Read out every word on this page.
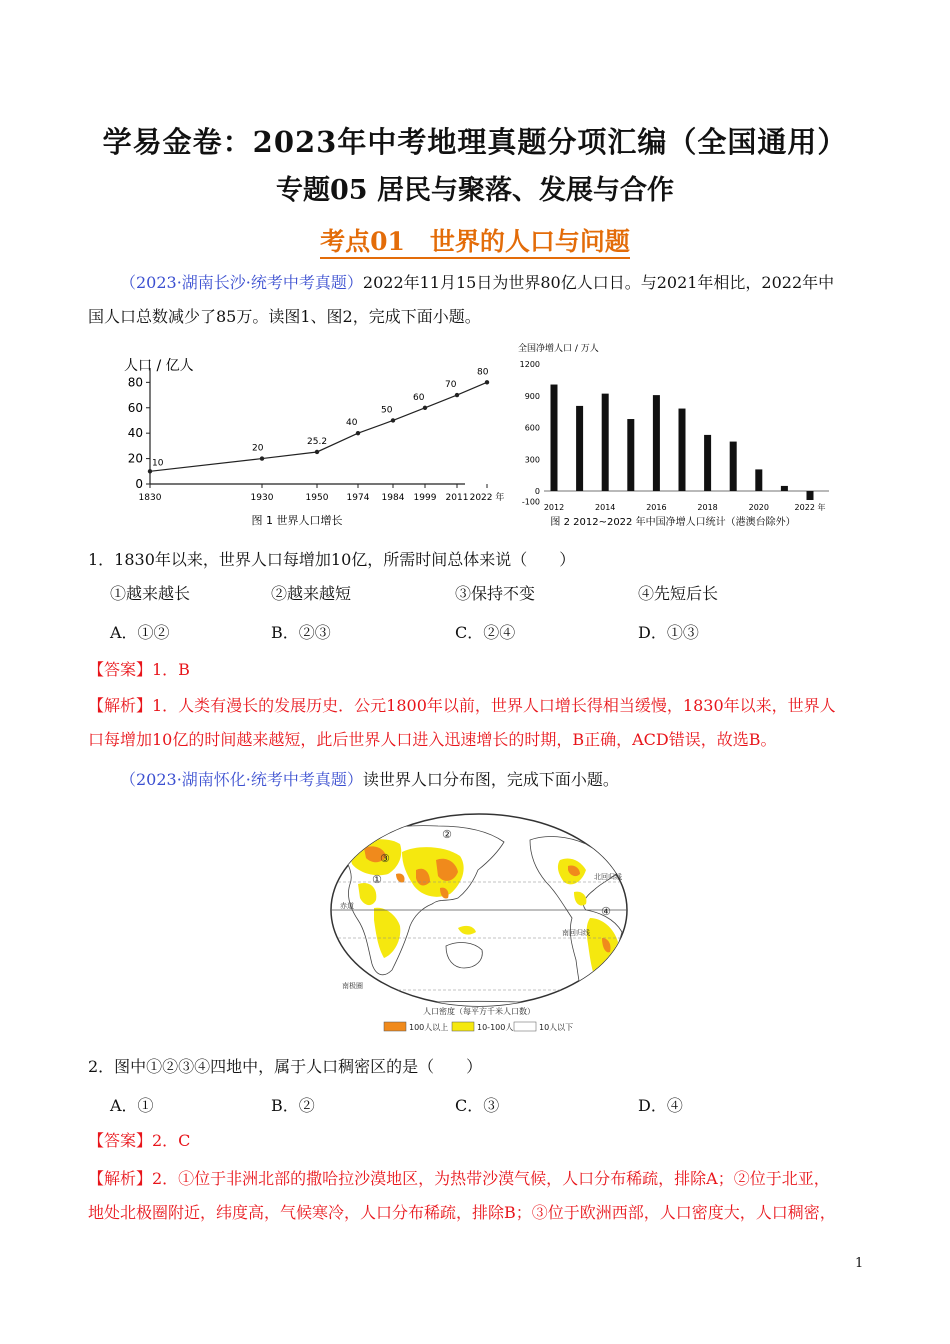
学易金卷：2023年中考地理真题分项汇编（全国通用）
专题05 居民与聚落、发展与合作
考点01　世界的人口与问题
（2023·湖南长沙·统考中考真题）2022年11月15日为世界80亿人口日。与2021年相比，2022年中
国人口总数减少了85万。读图1、图2，完成下面小题。
人口 / 亿人
0
20
40
60
80
1830	1930	1950 1974 1984 1999 2011 2022 年
10
20
25.2
40
50
60
70
80
图 1 世界人口增长
全国净增人口 / 万人
1200
900
600
300
0
-100
2012	2014	2016	2018	2020	2022 年
图 2 2012~2022 年中国净增人口统计（港澳台除外）
1．1830年以来，世界人口每增加10亿，所需时间总体来说（　　）
①越来越长	②越来越短	③保持不变	④先短后长
A．①②	B．②③	C．②④	D．①③
【答案】1．B
【解析】1．人类有漫长的发展历史．公元1800年以前，世界人口增长得相当缓慢，1830年以来，世界人
口每增加10亿的时间越来越短，此后世界人口进入迅速增长的时期，B正确，ACD错误，故选B。
（2023·湖南怀化·统考中考真题）读世界人口分布图，完成下面小题。
北回归线
赤道
南回归线
南极圈
①
②
③
④
人口密度（每平方千米人口数）
100人以上	10-100人	10人以下
2．图中①②③④四地中，属于人口稠密区的是（　　）
A．①	B．②	C．③	D．④
【答案】2．C
【解析】2．①位于非洲北部的撒哈拉沙漠地区，为热带沙漠气候，人口分布稀疏，排除A；②位于北亚，
地处北极圈附近，纬度高，气候寒冷，人口分布稀疏，排除B；③位于欧洲西部，人口密度大，人口稠密，
1
